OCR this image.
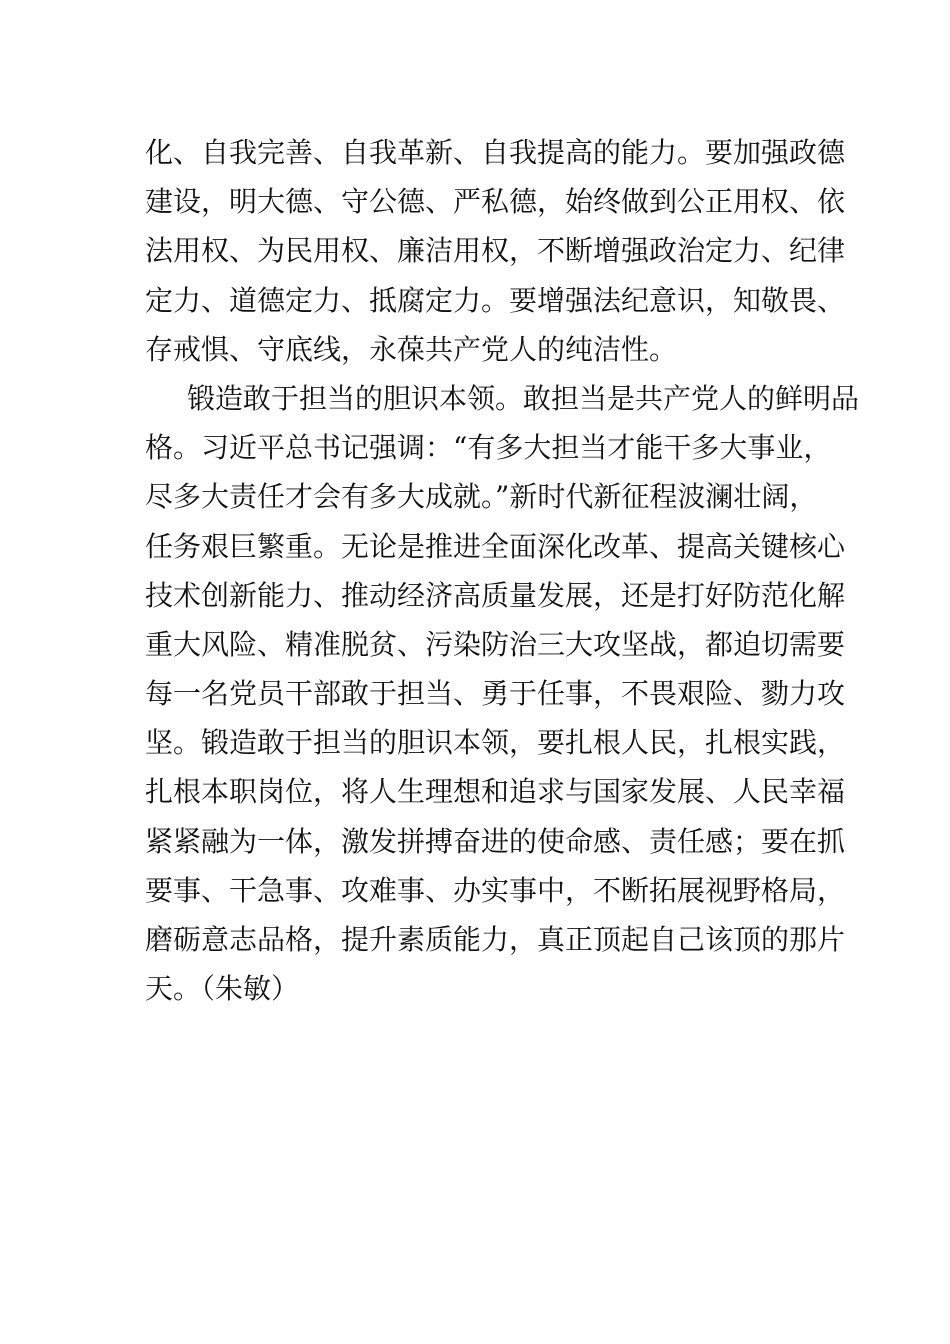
化、自我完善、自我革新、自我提高的能力。要加强政德
建设，明大德、守公德、严私德，始终做到公正用权、依
法用权、为民用权、廉洁用权，不断增强政治定力、纪律
定力、道德定力、抵腐定力。要增强法纪意识，知敬畏、
存戒惧、守底线，永葆共产党人的纯洁性。
锻造敢于担当的胆识本领。敢担当是共产党人的鲜明品
格。习近平总书记强调：“有多大担当才能干多大事业，
尽多大责任才会有多大成就。”新时代新征程波澜壮阔，
任务艰巨繁重。无论是推进全面深化改革、提高关键核心
技术创新能力、推动经济高质量发展，还是打好防范化解
重大风险、精准脱贫、污染防治三大攻坚战，都迫切需要
每一名党员干部敢于担当、勇于任事，不畏艰险、勠力攻
坚。锻造敢于担当的胆识本领，要扎根人民，扎根实践，
扎根本职岗位，将人生理想和追求与国家发展、人民幸福
紧紧融为一体，激发拼搏奋进的使命感、责任感；要在抓
要事、干急事、攻难事、办实事中，不断拓展视野格局，
磨砺意志品格，提升素质能力，真正顶起自己该顶的那片
天。（朱敏）
